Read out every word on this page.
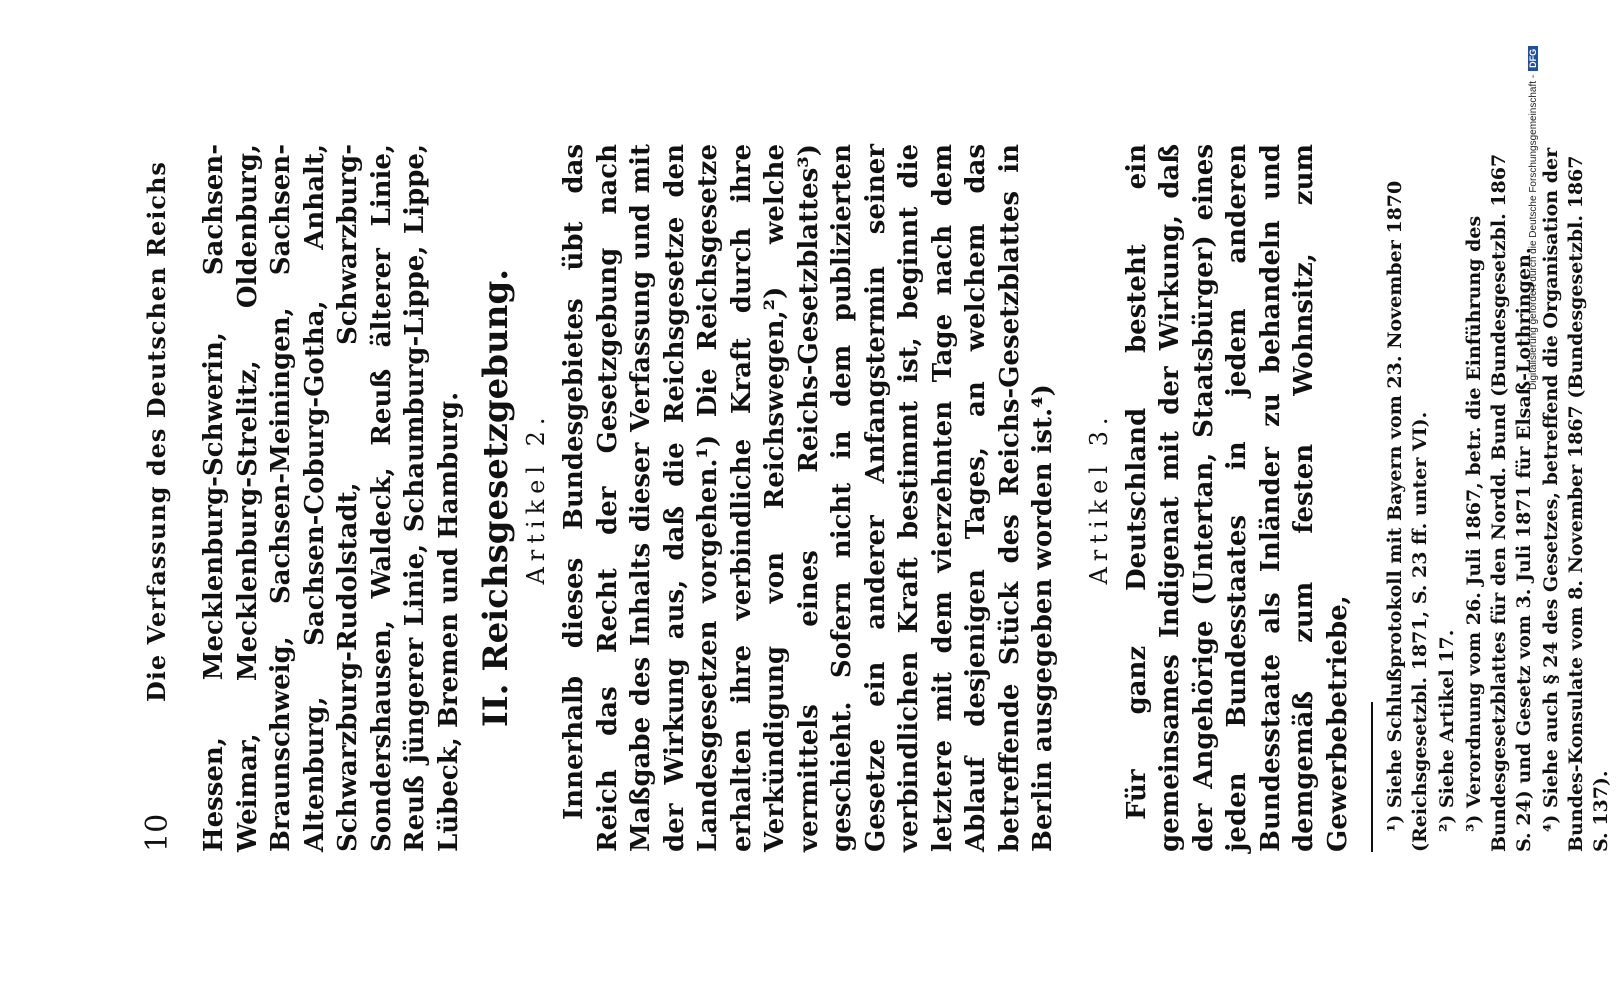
10
Die Verfassung des Deutschen Reichs Hessen, Mecklenburg-Schwerin, Sachsen-Weimar, Mecklenburg-Strelitz, Oldenburg, Braunschweig, Sachsen-Meiningen, Sachsen-Altenburg, Sachsen-Coburg-Gotha, Anhalt, Schwarzburg-Rudolstadt, Schwarzburg-Sondershausen, Waldeck, Reuß älterer Linie, Reuß jüngerer Linie, Schaumburg-Lippe, Lippe, Lübeck, Bremen und Hamburg. II. Reichsgesetzgebung. Artikel 2. Innerhalb dieses Bundesgebietes übt das Reich das Recht der Gesetzgebung nach Maßgabe des Inhalts dieser Verfassung und mit der Wirkung aus, daß die Reichsgesetze den Landesgesetzen vorgehen.¹) Die Reichsgesetze erhalten ihre verbindliche Kraft durch ihre Verkündigung von Reichswegen,²) welche vermittels eines Reichs-Gesetzblattes³) geschieht. Sofern nicht in dem publizierten Gesetze ein anderer Anfangstermin seiner verbindlichen Kraft bestimmt ist, beginnt die letztere mit dem vierzehnten Tage nach dem Ablauf desjenigen Tages, an welchem das betreffende Stück des Reichs-Gesetzblattes in Berlin ausgegeben worden ist.⁴) Artikel 3. Für ganz Deutschland besteht ein gemeinsames Indigenat mit der Wirkung, daß der Angehörige (Untertan, Staatsbürger) eines jeden Bundesstaates in jedem anderen Bundesstaate als Inländer zu behandeln und demgemäß zum festen Wohnsitz, zum Gewerbebetriebe, ¹) Siehe Schlußprotokoll mit Bayern vom 23. November 1870 (Reichsgesetzbl. 1871, S. 23 ff. unter VI). ²) Siehe Artikel 17. ³) Verordnung vom 26. Juli 1867, betr. die Einführung des Bundesgesetzblattes für den Nordd. Bund (Bundesgesetzbl. 1867 S. 24) und Gesetz vom 3. Juli 1871 für Elsaß-Lothringen. ⁴) Siehe auch § 24 des Gesetzes, betreffend die Organisation der Bundes-Konsulate vom 8. November 1867 (Bundesgesetzbl. 1867 S. 137).

Digitalisierung gefördert durch die Deutsche Forschungsgemeinschaft -DFG
